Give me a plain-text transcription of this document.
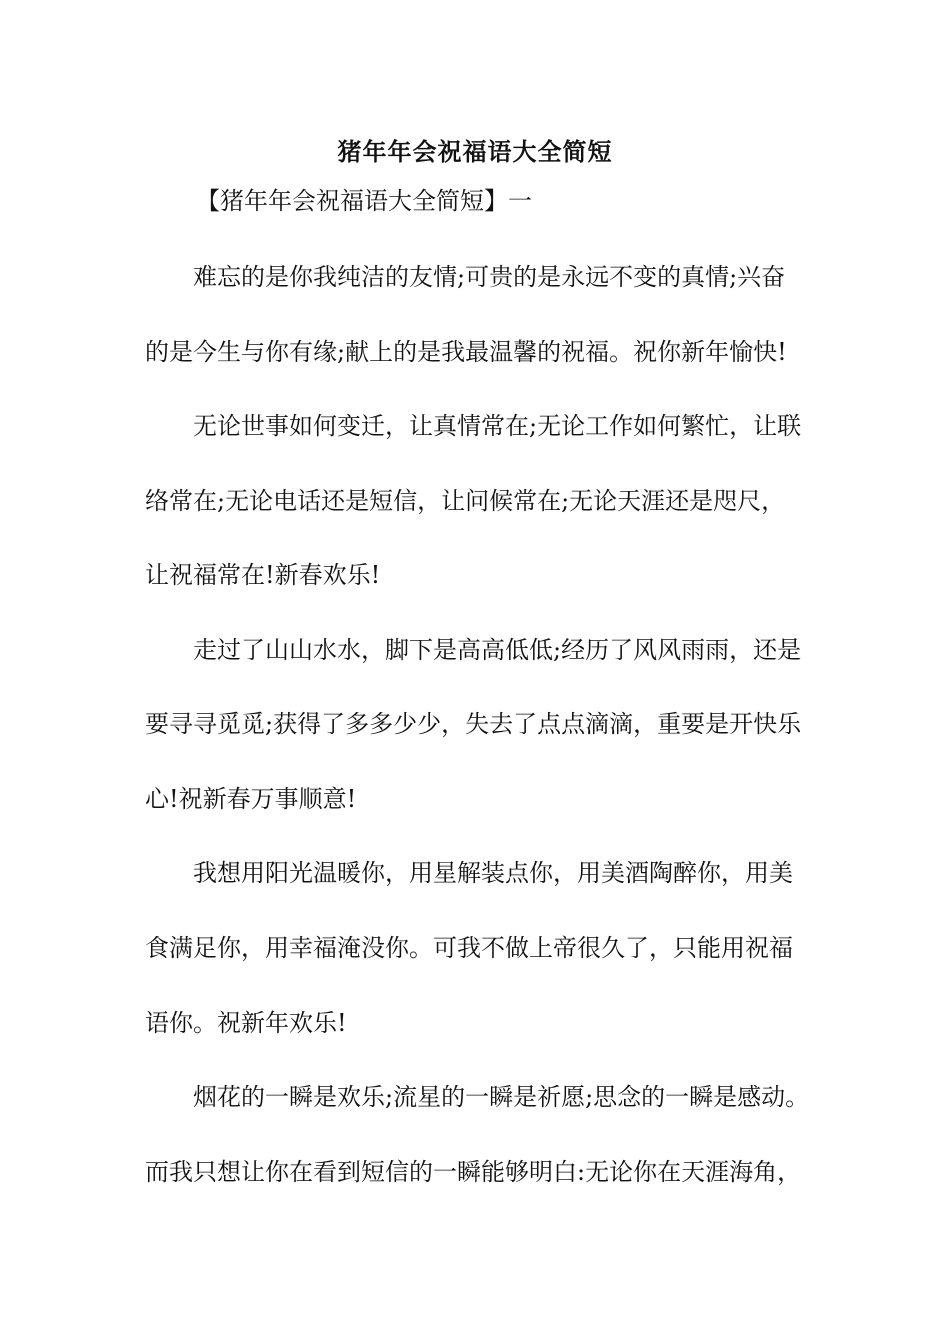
猪年年会祝福语大全简短

【猪年年会祝福语大全简短】一

难忘的是你我纯洁的友情;可贵的是永远不变的真情;兴奋

的是今生与你有缘;献上的是我最温馨的祝福。祝你新年愉快!

无论世事如何变迁，让真情常在;无论工作如何繁忙，让联

络常在;无论电话还是短信，让问候常在;无论天涯还是咫尺，

让祝福常在!新春欢乐!

走过了山山水水，脚下是高高低低;经历了风风雨雨，还是

要寻寻觅觅;获得了多多少少，失去了点点滴滴，重要是开快乐

心!祝新春万事顺意!

我想用阳光温暖你，用星解装点你，用美酒陶醉你，用美

食满足你，用幸福淹没你。可我不做上帝很久了，只能用祝福

语你。祝新年欢乐!

烟花的一瞬是欢乐;流星的一瞬是祈愿;思念的一瞬是感动。

而我只想让你在看到短信的一瞬能够明白:无论你在天涯海角，
